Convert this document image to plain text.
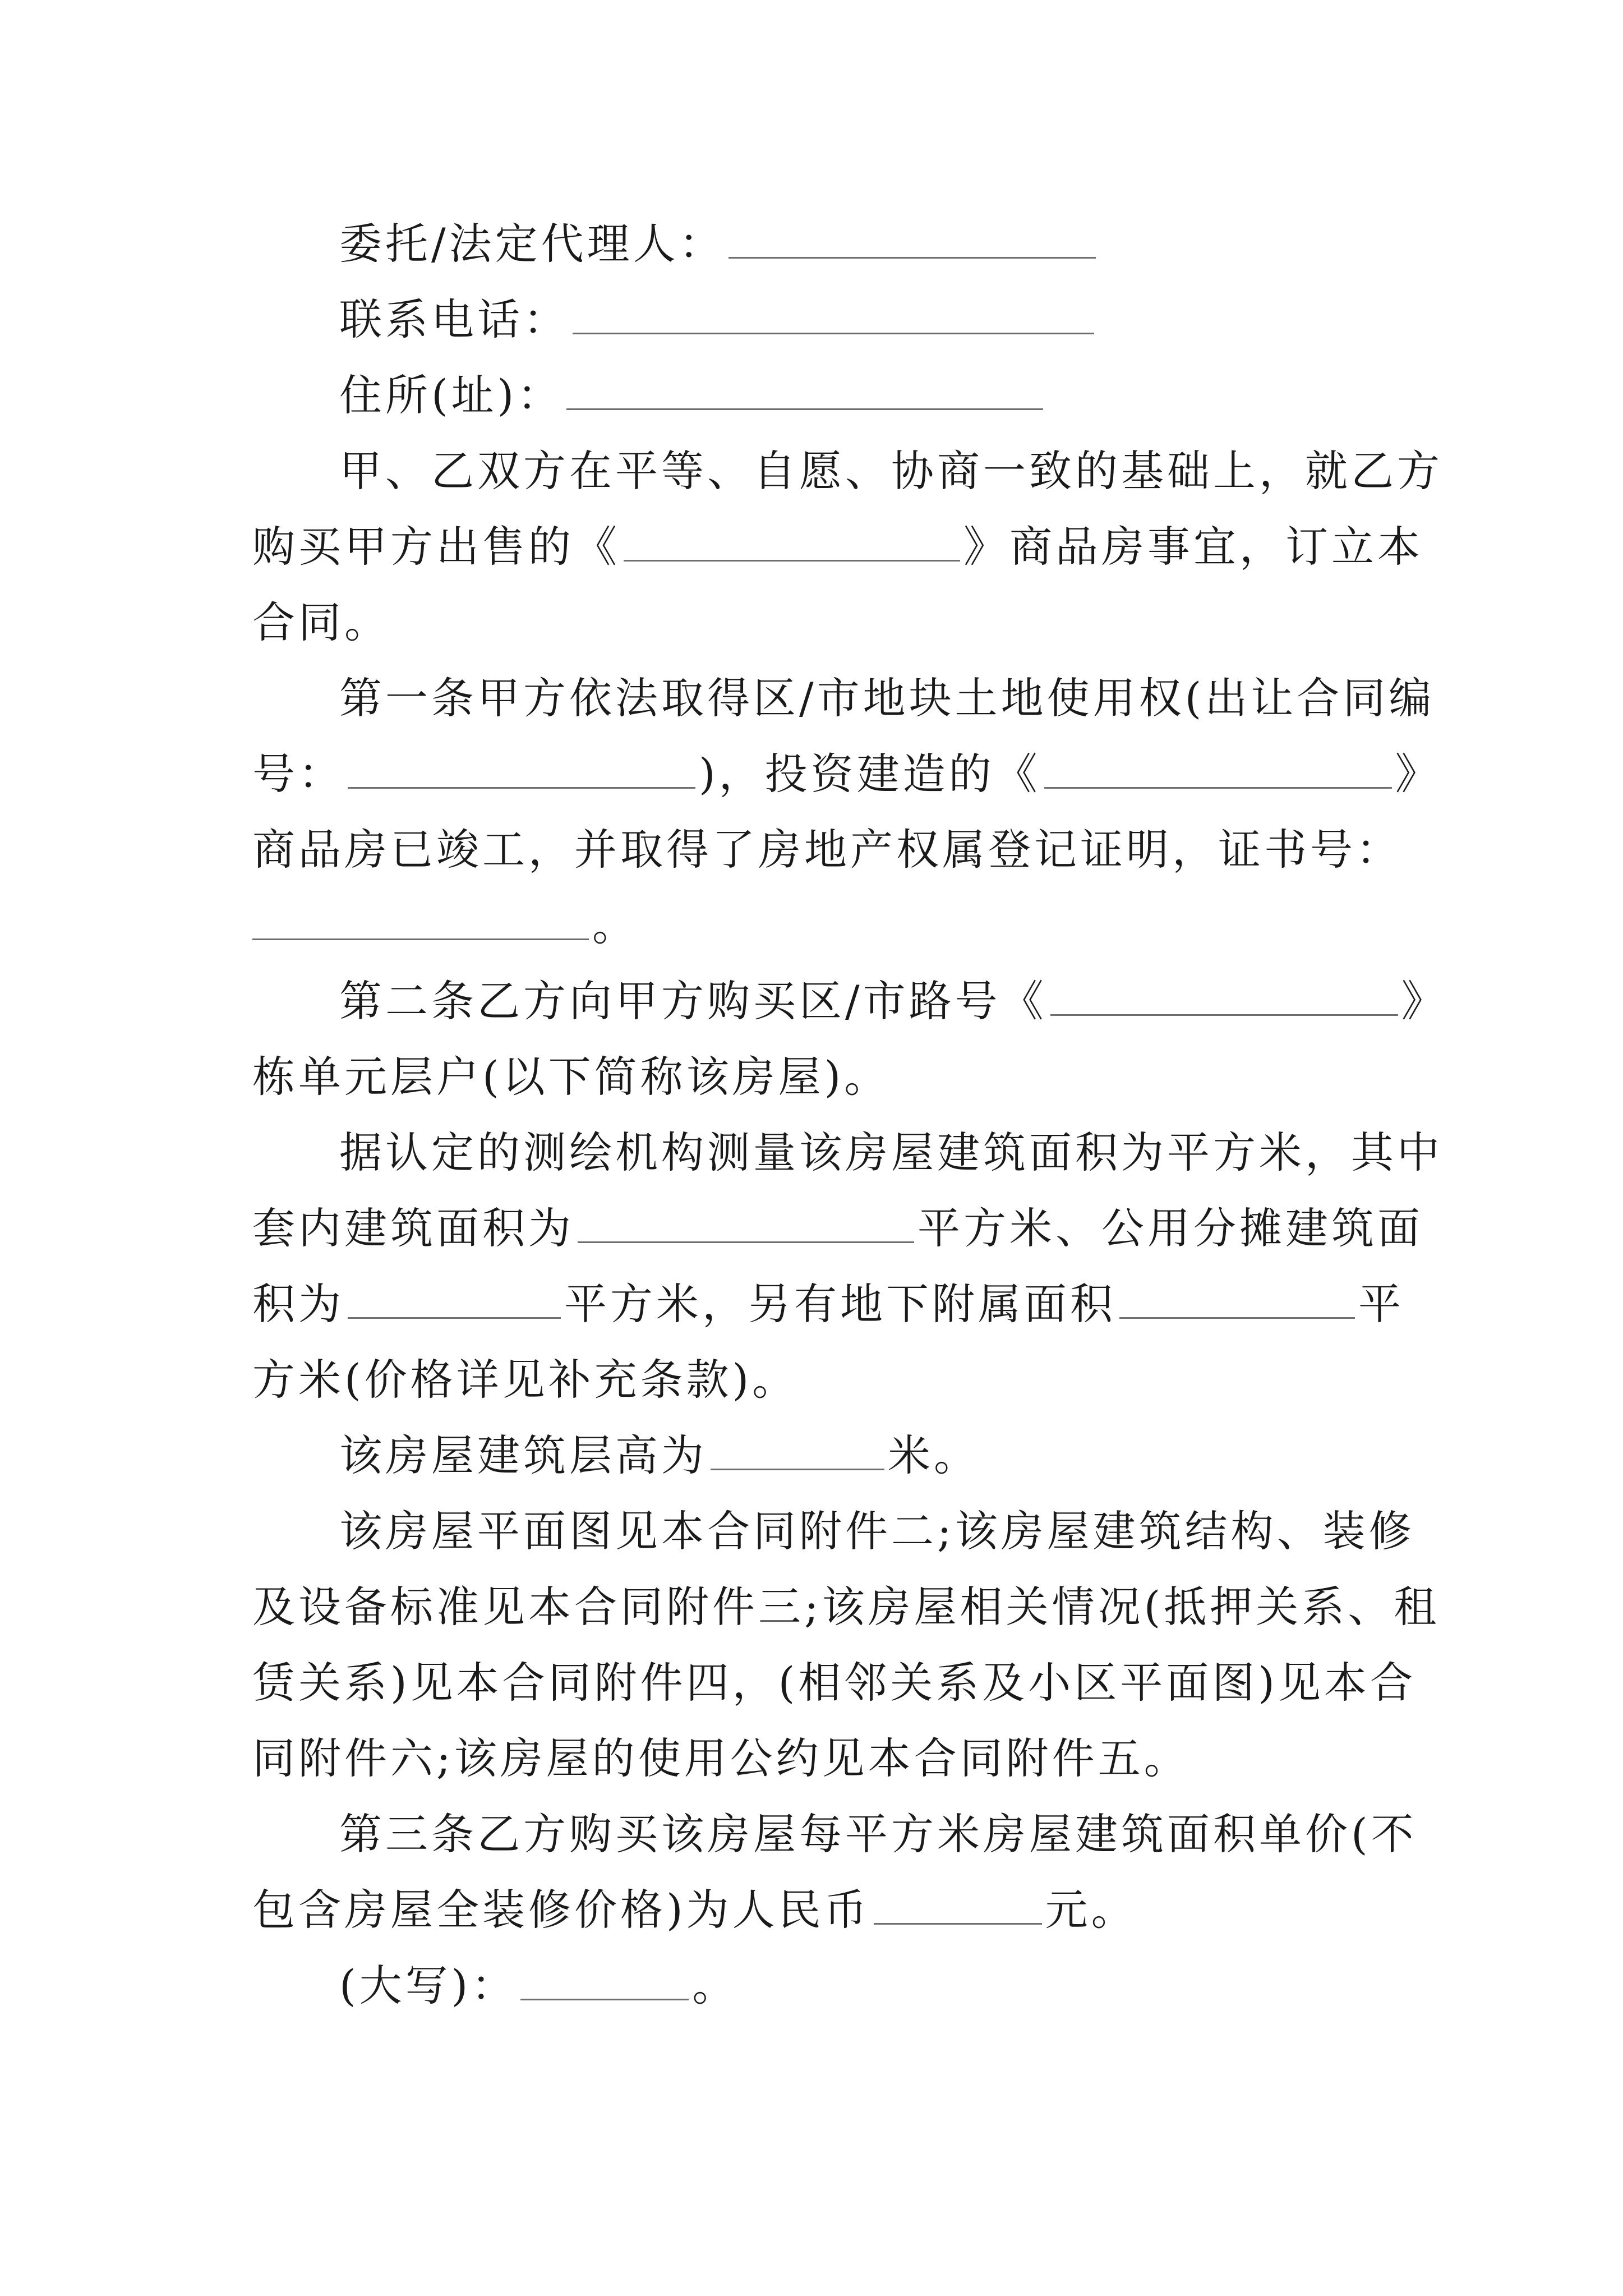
委托/法定代理人：
联系电话：
住所(址)：
甲、乙双方在平等、自愿、协商一致的基础上，就乙方
购买甲方出售的《	》商品房事宜，订立本
合同。
第一条甲方依法取得区/市地块土地使用权(出让合同编
号：	)，投资建造的《	》
商品房已竣工，并取得了房地产权属登记证明，证书号：
。
第二条乙方向甲方购买区/市路号《	》
栋单元层户(以下简称该房屋)。
据认定的测绘机构测量该房屋建筑面积为平方米，其中
套内建筑面积为	平方米、公用分摊建筑面
积为	平方米，另有地下附属面积	平
方米(价格详见补充条款)。
该房屋建筑层高为	米。
该房屋平面图见本合同附件二;该房屋建筑结构、装修
及设备标准见本合同附件三;该房屋相关情况(抵押关系、租
赁关系)见本合同附件四，(相邻关系及小区平面图)见本合
同附件六;该房屋的使用公约见本合同附件五。
第三条乙方购买该房屋每平方米房屋建筑面积单价(不
包含房屋全装修价格)为人民币	元。
(大写)：	。
